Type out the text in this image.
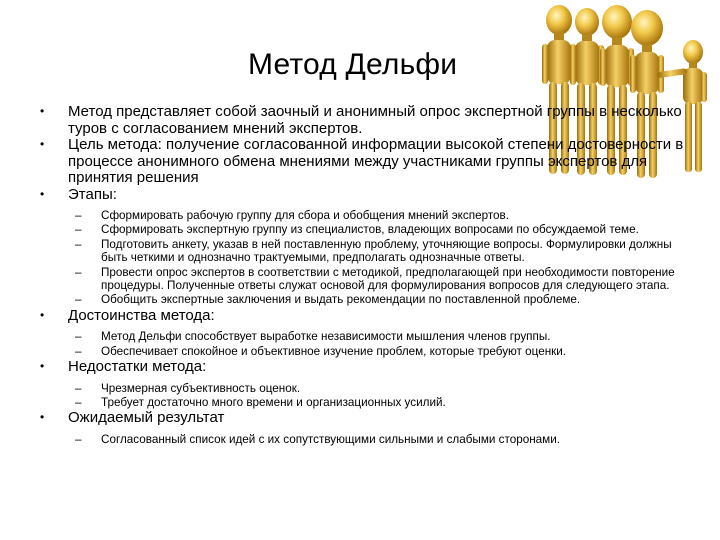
Метод Дельфи
• Метод представляет собой заочный и анонимный опрос экспертной группы в несколько туров с согласованием мнений экспертов.
• Цель метода: получение согласованной информации высокой степени достоверности в процессе анонимного обмена мнениями между участниками группы экспертов для принятия решения
• Этапы:
– Сформировать рабочую группу для сбора и обобщения мнений экспертов.
– Сформировать экспертную группу из специалистов, владеющих вопросами по обсуждаемой теме.
– Подготовить анкету, указав в ней поставленную проблему, уточняющие вопросы. Формулировки должны быть четкими и однозначно трактуемыми, предполагать однозначные ответы.
– Провести опрос экспертов в соответствии с методикой, предполагающей при необходимости повторение процедуры. Полученные ответы служат основой для формулирования вопросов для следующего этапа.
– Обобщить экспертные заключения и выдать рекомендации по поставленной проблеме.
• Достоинства метода:
– Метод Дельфи способствует выработке независимости мышления членов группы.
– Обеспечивает спокойное и объективное изучение проблем, которые требуют оценки.
• Недостатки метода:
– Чрезмерная субъективность оценок.
– Требует достаточно много времени и организационных усилий.
• Ожидаемый результат
– Согласованный список идей с их сопутствующими сильными и слабыми сторонами.
